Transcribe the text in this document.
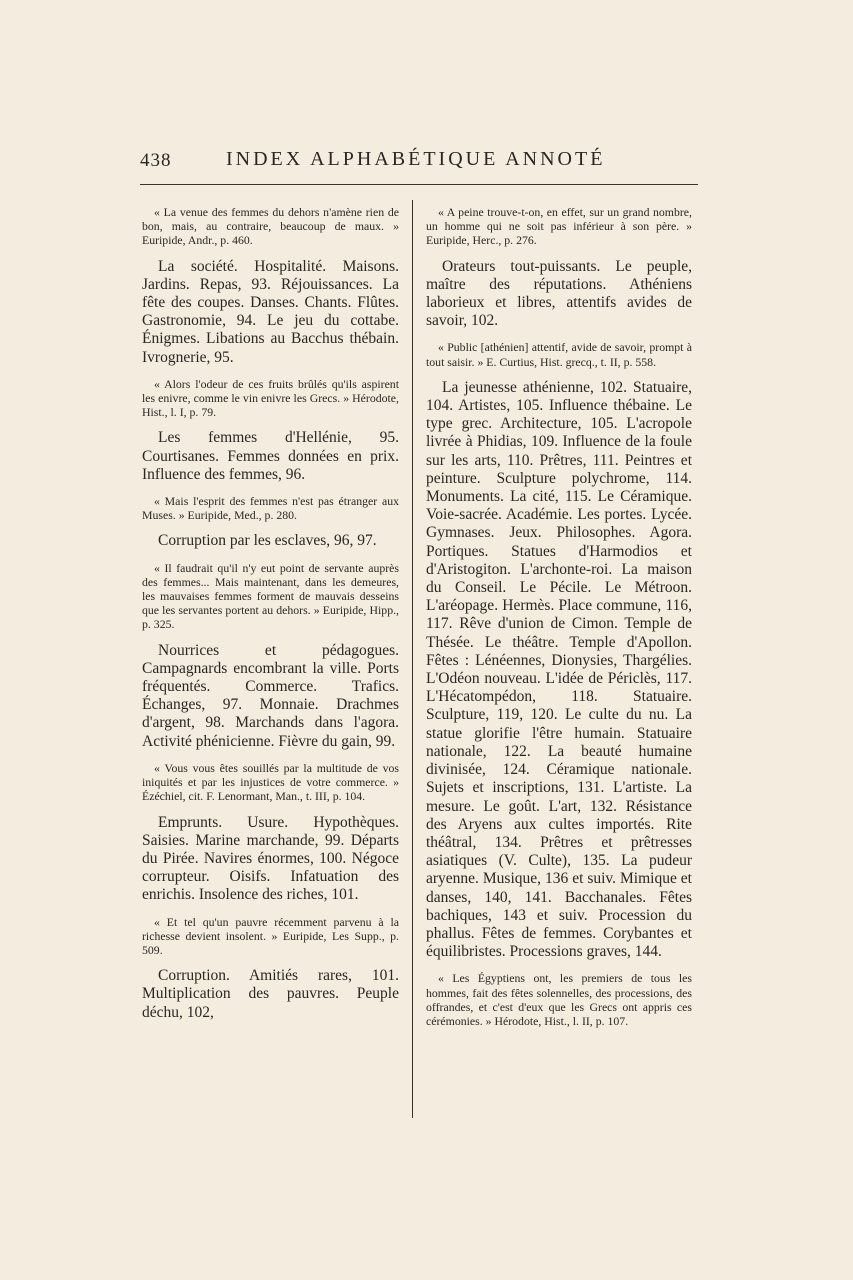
438	INDEX ALPHABÉTIQUE ANNOTÉ

« La venue des femmes du dehors n'amène rien de bon, mais, au contraire, beaucoup de maux. » Euripide, Andr., p. 460.

La société. Hospitalité. Maisons. Jardins. Repas, 93. Réjouissances. La fête des coupes. Danses. Chants. Flûtes. Gastronomie, 94. Le jeu du cottabe. Énigmes. Libations au Bacchus thébain. Ivrognerie, 95.

« Alors l'odeur de ces fruits brûlés qu'ils aspirent les enivre, comme le vin enivre les Grecs. » Hérodote, Hist., l. I, p. 79.

Les femmes d'Hellénie, 95. Courtisanes. Femmes données en prix. Influence des femmes, 96.

« Mais l'esprit des femmes n'est pas étranger aux Muses. » Euripide, Med., p. 280.

Corruption par les esclaves, 96, 97.

« Il faudrait qu'il n'y eut point de servante auprès des femmes... Mais maintenant, dans les demeures, les mauvaises femmes forment de mauvais desseins que les servantes portent au dehors. » Euripide, Hipp., p. 325.

Nourrices et pédagogues. Campagnards encombrant la ville. Ports fréquentés. Commerce. Trafics. Échanges, 97. Monnaie. Drachmes d'argent, 98. Marchands dans l'agora. Activité phénicienne. Fièvre du gain, 99.

« Vous vous êtes souillés par la multitude de vos iniquités et par les injustices de votre commerce. » Ézéchiel, cit. F. Lenormant, Man., t. III, p. 104.

Emprunts. Usure. Hypothèques. Saisies. Marine marchande, 99. Départs du Pirée. Navires énormes, 100. Négoce corrupteur. Oisifs. Infatuation des enrichis. Insolence des riches, 101.

« Et tel qu'un pauvre récemment parvenu à la richesse devient insolent. » Euripide, Les Supp., p. 509.

Corruption. Amitiés rares, 101. Multiplication des pauvres. Peuple déchu, 102,

« A peine trouve-t-on, en effet, sur un grand nombre, un homme qui ne soit pas inférieur à son père. » Euripide, Herc., p. 276.

Orateurs tout-puissants. Le peuple, maître des réputations. Athéniens laborieux et libres, attentifs avides de savoir, 102.

« Public [athénien] attentif, avide de savoir, prompt à tout saisir. » E. Curtius, Hist. grecq., t. II, p. 558.

La jeunesse athénienne, 102. Statuaire, 104. Artistes, 105. Influence thébaine. Le type grec. Architecture, 105. L'acropole livrée à Phidias, 109. Influence de la foule sur les arts, 110. Prêtres, 111. Peintres et peinture. Sculpture polychrome, 114. Monuments. La cité, 115. Le Céramique. Voie-sacrée. Académie. Les portes. Lycée. Gymnases. Jeux. Philosophes. Agora. Portiques. Statues d'Harmodios et d'Aristogiton. L'archonte-roi. La maison du Conseil. Le Pécile. Le Métroon. L'aréopage. Hermès. Place commune, 116, 117. Rêve d'union de Cimon. Temple de Thésée. Le théâtre. Temple d'Apollon. Fêtes : Lénéennes, Dionysies, Thargélies. L'Odéon nouveau. L'idée de Périclès, 117. L'Hécatompédon, 118. Statuaire. Sculpture, 119, 120. Le culte du nu. La statue glorifie l'être humain. Statuaire nationale, 122. La beauté humaine divinisée, 124. Céramique nationale. Sujets et inscriptions, 131. L'artiste. La mesure. Le goût. L'art, 132. Résistance des Aryens aux cultes importés. Rite théâtral, 134. Prêtres et prêtresses asiatiques (V. Culte), 135. La pudeur aryenne. Musique, 136 et suiv. Mimique et danses, 140, 141. Bacchanales. Fêtes bachiques, 143 et suiv. Procession du phallus. Fêtes de femmes. Corybantes et équilibristes. Processions graves, 144.

« Les Égyptiens ont, les premiers de tous les hommes, fait des fêtes solennelles, des processions, des offrandes, et c'est d'eux que les Grecs ont appris ces cérémonies. » Hérodote, Hist., l. II, p. 107.
